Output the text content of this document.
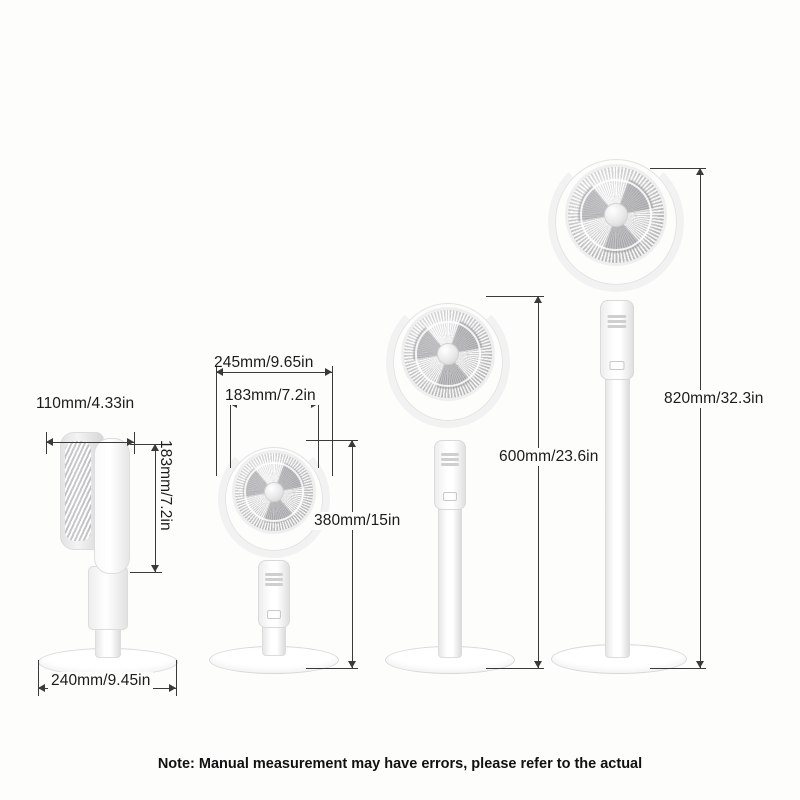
110mm/4.33in
183mm/7.2in
240mm/9.45in
245mm/9.65in
183mm/7.2in
380mm/15in
600mm/23.6in
820mm/32.3in
Note: Manual measurement may have errors, please refer to the actual
